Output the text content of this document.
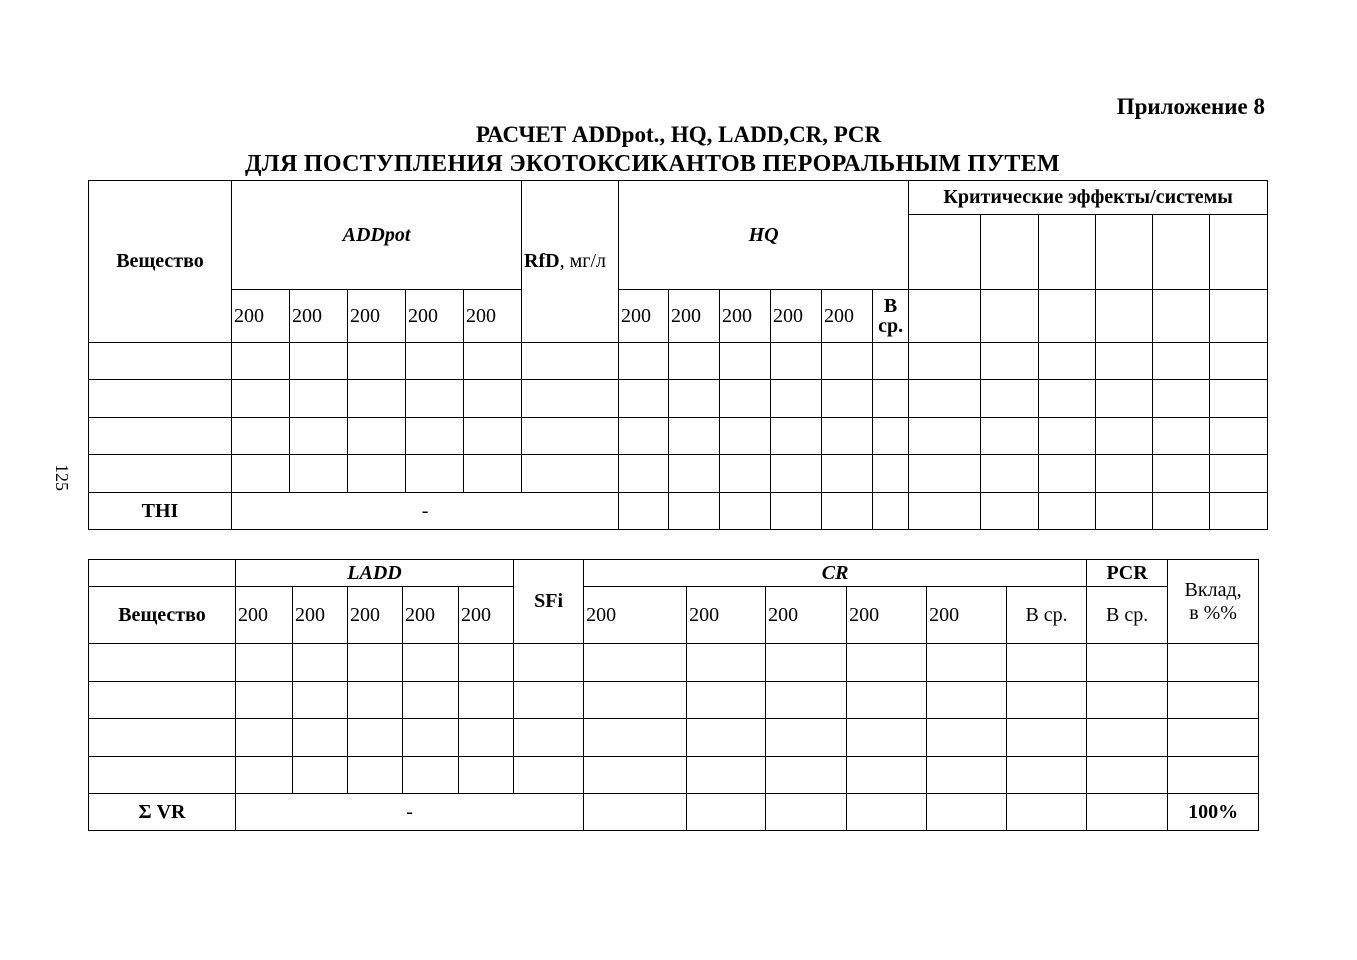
Приложение 8
РАСЧЕТ ADDpot., HQ, LADD,CR, PCR
ДЛЯ ПОСТУПЛЕНИЯ ЭКОТОКСИКАНТОВ ПЕРОРАЛЬНЫМ ПУТЕМ
125
Вещество	ADDpot					RfD, мг/л	HQ						Критические эффекты/системы					

	200	200	200	200	200		200	200	200	200	200	В
ср.						

THI	-																	
	LADD					SFi	CR						PCR	Вклад,
в %%
Вещество	200	200	200	200	200		200	200	200	200	200	В ср.	В ср.	

Σ VR	-													100%
